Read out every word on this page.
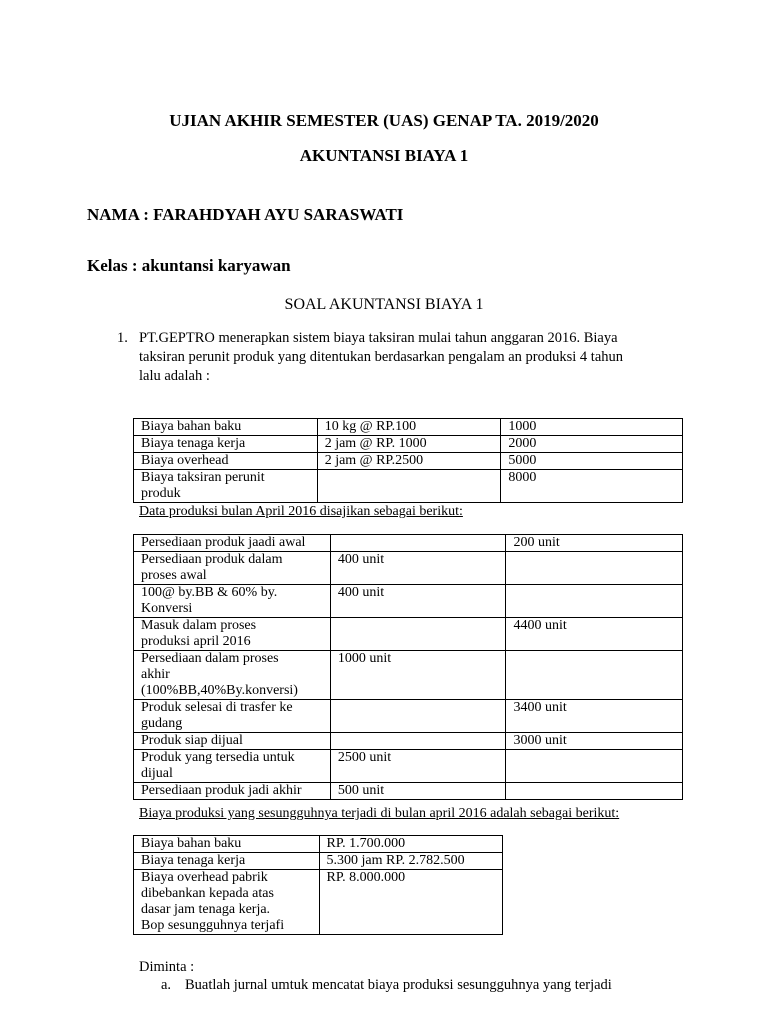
UJIAN AKHIR SEMESTER (UAS) GENAP TA. 2019/2020
AKUNTANSI BIAYA 1
NAMA : FARAHDYAH AYU SARASWATI
Kelas : akuntansi karyawan
SOAL AKUNTANSI BIAYA 1
1. PT.GEPTRO menerapkan sistem biaya taksiran mulai tahun anggaran 2016. Biaya
taksiran perunit produk yang ditentukan berdasarkan pengalam an produksi 4 tahun
lalu adalah :
Biaya bahan baku	10 kg @ RP.100	1000
Biaya tenaga kerja	2 jam @ RP. 1000	2000
Biaya overhead	2 jam @ RP.2500	5000
Biaya taksiran perunit
produk		8000
Data produksi bulan April 2016 disajikan sebagai berikut:
Persediaan produk jaadi awal		200 unit
Persediaan produk dalam
proses awal	400 unit	
100@ by.BB & 60% by.
Konversi	400 unit	
Masuk dalam proses
produksi april 2016		4400 unit
Persediaan dalam proses
akhir
(100%BB,40%By.konversi)	1000 unit	
Produk selesai di trasfer ke
gudang		3400 unit
Produk siap dijual		3000 unit
Produk yang tersedia untuk
dijual	2500 unit	
Persediaan produk jadi akhir	500 unit	
Biaya produksi yang sesungguhnya terjadi di bulan april 2016 adalah sebagai berikut:
Biaya bahan baku	RP. 1.700.000
Biaya tenaga kerja	5.300 jam RP. 2.782.500
Biaya overhead pabrik
dibebankan kepada atas
dasar jam tenaga kerja.
Bop sesungguhnya terjafi	RP. 8.000.000
Diminta :
a. Buatlah jurnal umtuk mencatat biaya produksi sesungguhnya yang terjadi
